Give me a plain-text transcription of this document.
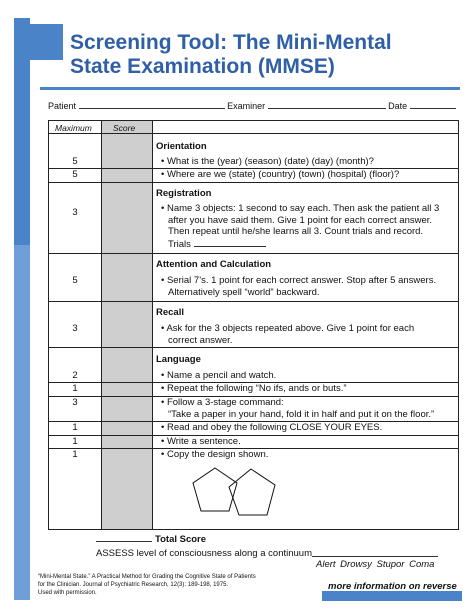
Screening Tool: The Mini-Mental
State Examination (MMSE)
Patient	Examiner	Date
Maximum Score
Orientation
5	• What is the (year) (season) (date) (day) (month)?
5	• Where are we (state) (country) (town) (hospital) (floor)?
Registration
3	• Name 3 objects: 1 second to say each. Then ask the patient all 3
after you have said them. Give 1 point for each correct answer.
Then repeat until he/she learns all 3. Count trials and record.
Trials
Attention and Calculation
5	• Serial 7’s. 1 point for each correct answer. Stop after 5 answers.
Alternatively spell “world” backward.
Recall
3	• Ask for the 3 objects repeated above. Give 1 point for each
correct answer.
Language
2	• Name a pencil and watch.
1	• Repeat the following “No ifs, ands or buts.”
3	• Follow a 3-stage command:
“Take a paper in your hand, fold it in half and put it on the floor.”
1	• Read and obey the following CLOSE YOUR EYES.
1	• Write a sentence.
1	• Copy the design shown.
Total Score
ASSESS level of consciousness along a continuum
Alert Drowsy Stupor Coma
“Mini-Mental State.” A Practical Method for Grading the Cognitive State of Patients
for the Clinician. Journal of Psychiatric Research, 12(3): 189-198, 1975.
Used with permission.
more information on reverse
